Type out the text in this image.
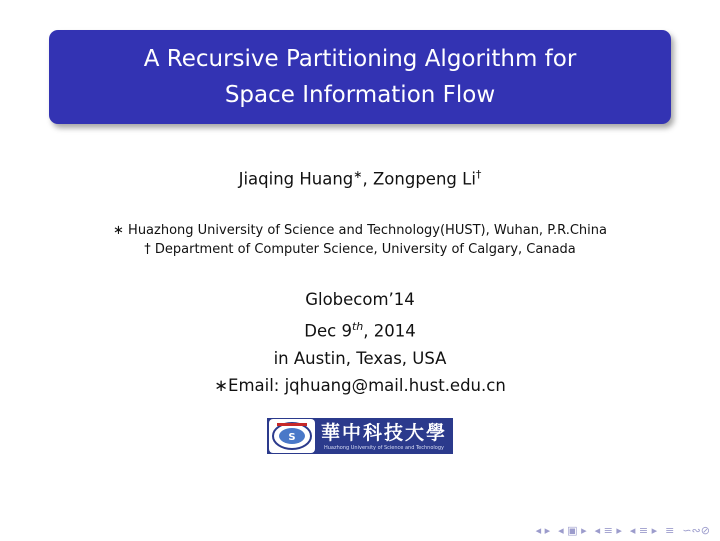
A Recursive Partitioning Algorithm for
Space Information Flow
Jiaqing Huang∗, Zongpeng Li†
∗ Huazhong University of Science and Technology(HUST), Wuhan, P.R.China
† Department of Computer Science, University of Calgary, Canada
Globecom’14
Dec 9th, 2014
in Austin, Texas, USA
∗Email: jqhuang@mail.hust.edu.cn
S 華中科技大學
Huazhong University of Science and Technology
◂ ▸ ◂ ▣ ▸ ◂ ≡ ▸ ◂ ≡ ▸ ≡ ∽∾⊘
